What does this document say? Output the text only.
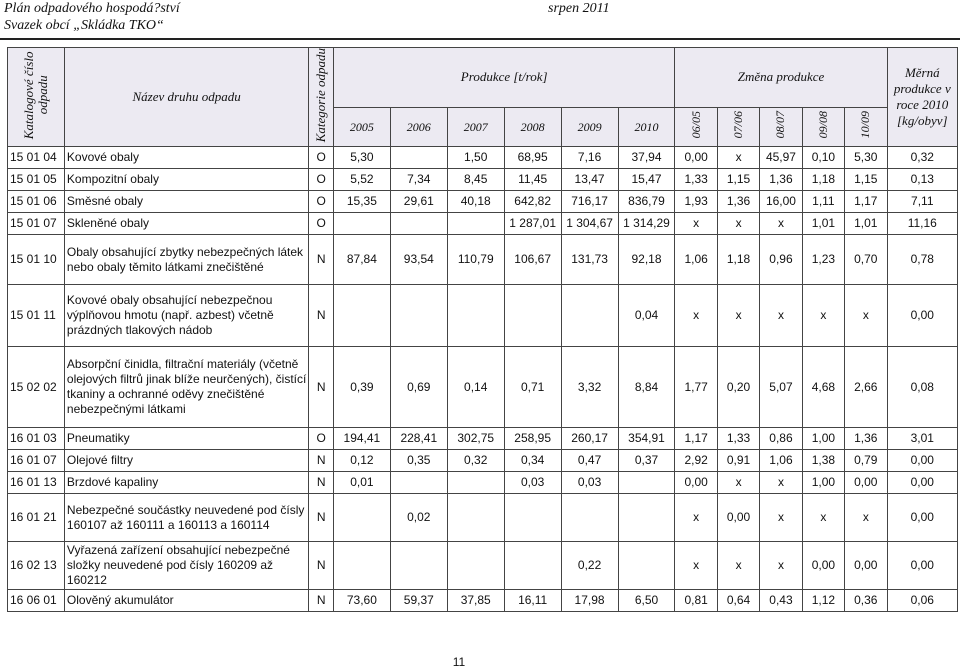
Plán odpadového hospodá?ství
Svazek obcí „Skládka TKO“
srpen 2011
Katalogové číslo odpadu	Název druhu odpadu	Kategorie odpadu	Produkce [t/rok]						Změna produkce					Měrná produkce v roce 2010 [kg/obyv]
			2005	2006	2007	2008	2009	2010	06/05	07/06	08/07	09/08	10/09	
15 01 04	Kovové obaly	O	5,30		1,50	68,95	7,16	37,94	0,00	x	45,97	0,10	5,30	0,32
15 01 05	Kompozitní obaly	O	5,52	7,34	8,45	11,45	13,47	15,47	1,33	1,15	1,36	1,18	1,15	0,13
15 01 06	Směsné obaly	O	15,35	29,61	40,18	642,82	716,17	836,79	1,93	1,36	16,00	1,11	1,17	7,11
15 01 07	Skleněné obaly	O				1 287,01	1 304,67	1 314,29	x	x	x	1,01	1,01	11,16
15 01 10	Obaly obsahující zbytky nebezpečných látek nebo obaly těmito látkami znečištěné	N	87,84	93,54	110,79	106,67	131,73	92,18	1,06	1,18	0,96	1,23	0,70	0,78
15 01 11	Kovové obaly obsahující nebezpečnou výplňovou hmotu (např. azbest) včetně prázdných tlakových nádob	N						0,04	x	x	x	x	x	0,00
15 02 02	Absorpční činidla, filtrační materiály (včetně olejových filtrů jinak blíže neurčených), čistící tkaniny a ochranné oděvy znečištěné nebezpečnými látkami	N	0,39	0,69	0,14	0,71	3,32	8,84	1,77	0,20	5,07	4,68	2,66	0,08
16 01 03	Pneumatiky	O	194,41	228,41	302,75	258,95	260,17	354,91	1,17	1,33	0,86	1,00	1,36	3,01
16 01 07	Olejové filtry	N	0,12	0,35	0,32	0,34	0,47	0,37	2,92	0,91	1,06	1,38	0,79	0,00
16 01 13	Brzdové kapaliny	N	0,01			0,03	0,03		0,00	x	x	1,00	0,00	0,00
16 01 21	Nebezpečné součástky neuvedené pod čísly 160107 až 160111 a 160113 a 160114	N		0,02					x	0,00	x	x	x	0,00
16 02 13	Vyřazená zařízení obsahující nebezpečné složky neuvedené pod čísly 160209 až 160212	N					0,22		x	x	x	0,00	0,00	0,00
16 06 01	Olověný akumulátor	N	73,60	59,37	37,85	16,11	17,98	6,50	0,81	0,64	0,43	1,12	0,36	0,06
11
